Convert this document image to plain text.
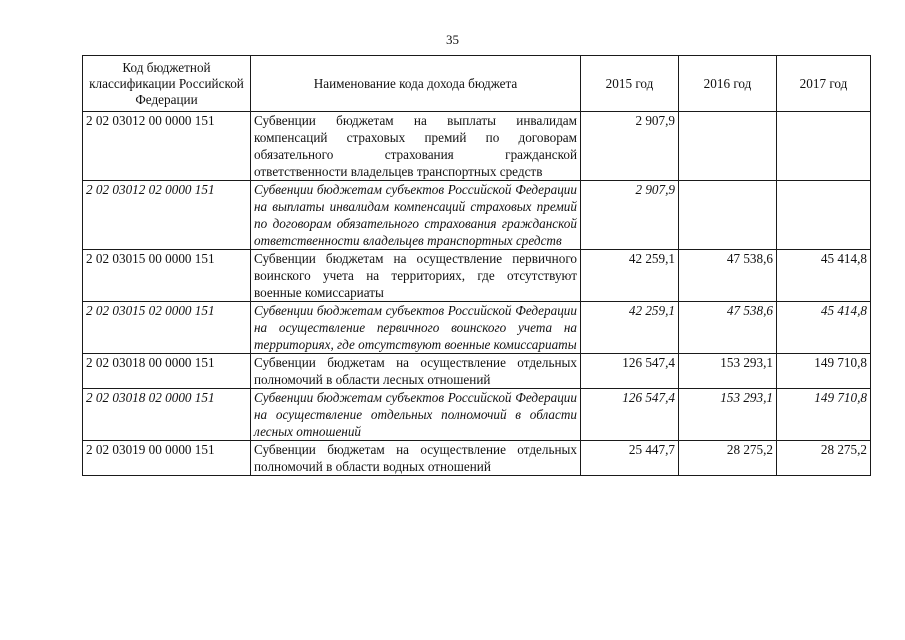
35
Код бюджетной классификации Российской Федерации	Наименование кода дохода бюджета	2015 год	2016 год	2017 год
2 02 03012 00 0000 151	Субвенции бюджетам на выплаты инвалидам компенсаций страховых премий по договорам обязательного страхования гражданской ответственности владельцев транспортных средств	2 907,9		
2 02 03012 02 0000 151	Субвенции бюджетам субъектов Российской Федерации на выплаты инвалидам компенсаций страховых премий по договорам обязательного страхования гражданской ответственности владельцев транспортных средств	2 907,9		
2 02 03015 00 0000 151	Субвенции бюджетам на осуществление первичного воинского учета на территориях, где отсутствуют военные комиссариаты	42 259,1	47 538,6	45 414,8
2 02 03015 02 0000 151	Субвенции бюджетам субъектов Российской Федерации на осуществление первичного воинского учета на территориях, где отсутствуют военные комиссариаты	42 259,1	47 538,6	45 414,8
2 02 03018 00 0000 151	Субвенции бюджетам на осуществление отдельных полномочий в области лесных отношений	126 547,4	153 293,1	149 710,8
2 02 03018 02 0000 151	Субвенции бюджетам субъектов Российской Федерации на осуществление отдельных полномочий в области лесных отношений	126 547,4	153 293,1	149 710,8
2 02 03019 00 0000 151	Субвенции бюджетам на осуществление отдельных полномочий в области водных отношений	25 447,7	28 275,2	28 275,2
